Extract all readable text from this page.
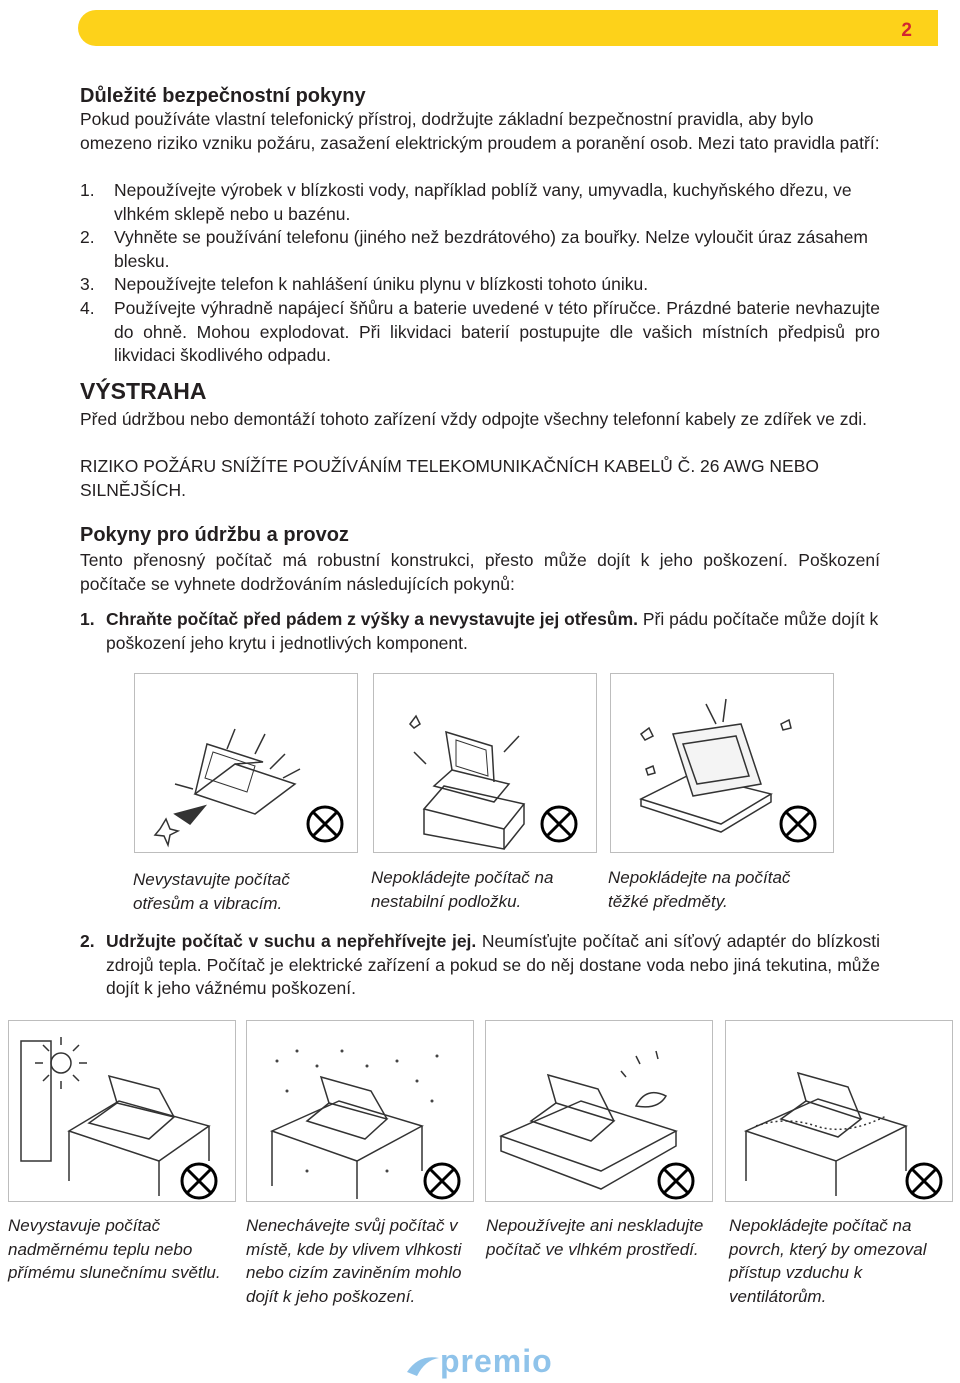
2
Důležité bezpečnostní pokyny
Pokud používáte vlastní telefonický přístroj, dodržujte základní bezpečnostní pravidla, aby bylo omezeno riziko vzniku požáru, zasažení elektrickým proudem a poranění osob. Mezi tato pravidla patří:
1. Nepoužívejte výrobek v blízkosti vody, například poblíž vany, umyvadla, kuchyňského dřezu, ve vlhkém sklepě nebo u bazénu.
2. Vyhněte se používání telefonu (jiného než bezdrátového) za bouřky. Nelze vyloučit úraz zásahem blesku.
3. Nepoužívejte telefon k nahlášení úniku plynu v blízkosti tohoto úniku.
4. Používejte výhradně napájecí šňůru a baterie uvedené v této příručce. Prázdné baterie nevhazujte do ohně. Mohou explodovat. Při likvidaci baterií postupujte dle vašich místních předpisů pro likvidaci škodlivého odpadu.
VÝSTRAHA
Před údržbou nebo demontáží tohoto zařízení vždy odpojte všechny telefonní kabely ze zdířek ve zdi.
RIZIKO POŽÁRU SNÍŽÍTE POUŽÍVÁNÍM TELEKOMUNIKAČNÍCH KABELŮ Č. 26 AWG NEBO SILNĚJŠÍCH.
Pokyny pro údržbu a provoz
Tento přenosný počítač má robustní konstrukci, přesto může dojít k jeho poškození. Poškození počítače se vyhnete dodržováním následujících pokynů:
1. Chraňte počítač před pádem z výšky a nevystavujte jej otřesům. Při pádu počítače může dojít k poškození jeho krytu i jednotlivých komponent.
Nevystavujte počítač otřesům a vibracím.
Nepokládejte počítač na nestabilní podložku.
Nepokládejte na počítač těžké předměty.
2. Udržujte počítač v suchu a nepřehřívejte jej. Neumísťujte počítač ani síťový adaptér do blízkosti zdrojů tepla. Počítač je elektrické zařízení a pokud se do něj dostane voda nebo jiná tekutina, může dojít k jeho vážnému poškození.
Nevystavuje počítač nadměrnému teplu nebo přímému slunečnímu světlu.
Nenechávejte svůj počítač v místě, kde by vlivem vlhkosti nebo cizím zaviněním mohlo dojít k jeho poškození.
Nepoužívejte ani neskladujte počítač ve vlhkém prostředí.
Nepokládejte počítač na povrch, který by omezoval přístup vzduchu k ventilátorům.
premio
